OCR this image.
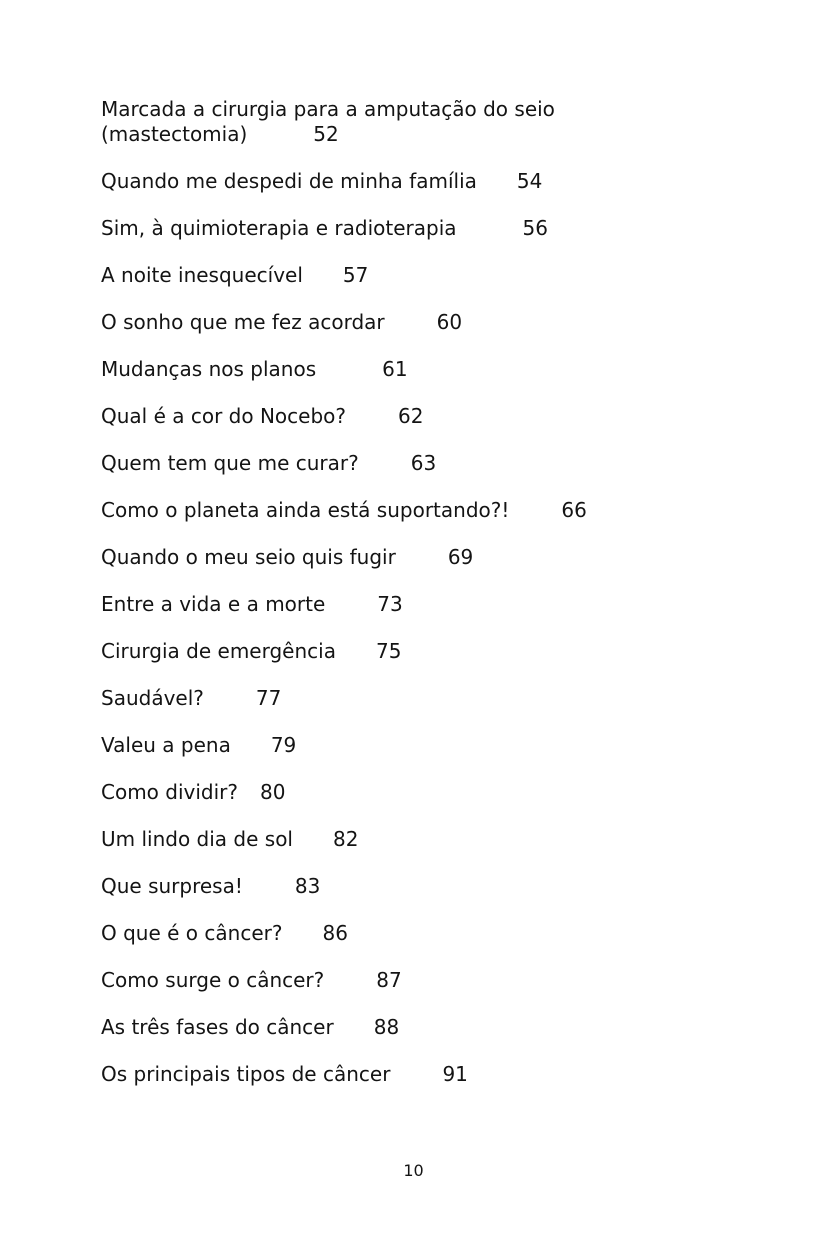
Marcada a cirurgia para a amputação do seio
(mastectomia)	52
Quando me despedi de minha família 54
Sim, à quimioterapia e radioterapia	56
A noite inesquecível 57
O sonho que me fez acordar	60
Mudanças nos planos	61
Qual é a cor do Nocebo?	62
Quem tem que me curar?	63
Como o planeta ainda está suportando?!	66
Quando o meu seio quis fugir	69
Entre a vida e a morte	73
Cirurgia de emergência 75
Saudável?	77
Valeu a pena 79
Como dividir? 80
Um lindo dia de sol 82
Que surpresa!	83
O que é o câncer? 86
Como surge o câncer?	87
As três fases do câncer 88
Os principais tipos de câncer	91
10
